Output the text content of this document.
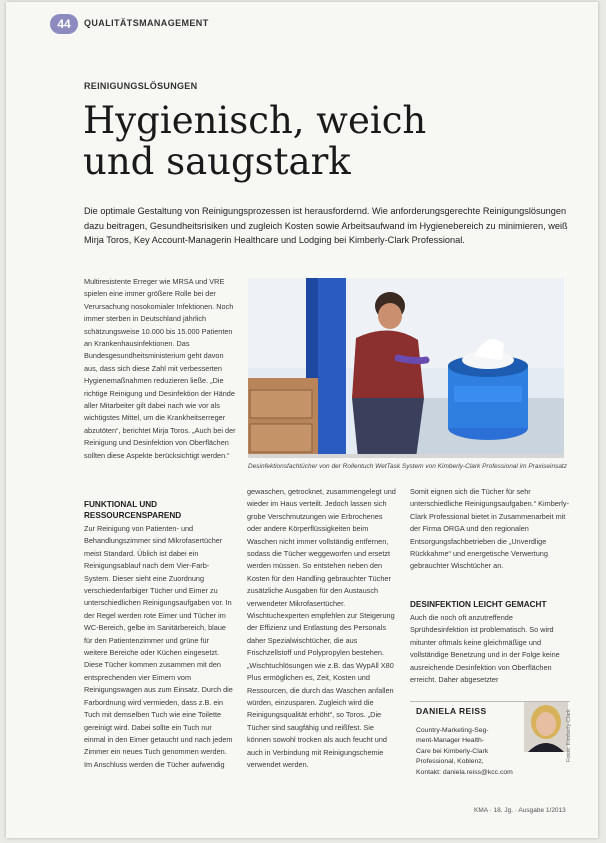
44	QUALITÄTSMANAGEMENT
REINIGUNGSLÖSUNGEN
Hygienisch, weich
und saugstark

Die optimale Gestaltung von Reinigungsprozessen ist herausfordernd. Wie anforderungsgerechte Reinigungslösungen dazu beitragen, Gesundheitsrisiken und zugleich Kosten sowie Arbeitsaufwand im Hygienebereich zu minimieren, weiß Mirja Toros, Key Account-Managerin Healthcare und Lodging bei Kimberly-Clark Professional.

Multiresistente Erreger wie MRSA und VRE spielen eine immer größere Rolle bei der Verursachung nosokomialer Infektionen. Noch immer sterben in Deutschland jährlich schätzungsweise 10.000 bis 15.000 Patienten an Krankenhausinfektionen. Das Bundesgesundheitsministerium geht davon aus, dass sich diese Zahl mit verbesserten Hygienemaßnahmen reduzieren ließe. „Die richtige Reinigung und Desinfektion der Hände aller Mitarbeiter gilt dabei nach wie vor als wichtigstes Mittel, um die Krankheitserreger abzutöten“, berichtet Mirja Toros. „Auch bei der Reinigung und Desinfektion von Oberflächen sollten diese Aspekte berücksichtigt werden.“

FUNKTIONAL UND

RESSOURCENSPAREND
Zur Reinigung von Patienten- und Behandlungszimmer sind Mikrofasertücher meist Standard. Üblich ist dabei ein Reinigungsablauf nach dem Vier-Farb-System. Dieser sieht eine Zuordnung verschiedenfarbiger Tücher und Eimer zu unterschiedlichen Reinigungsaufgaben vor. In der Regel werden rote Eimer und Tücher im WC-Bereich, gelbe im Sanitärbereich, blaue für den Patientenzimmer und grüne für weitere Bereiche oder Küchen eingesetzt. Diese Tücher kommen zusammen mit den entsprechenden vier Eimern vom Reinigungswagen aus zum Einsatz. Durch die Farbordnung wird vermieden, dass z.B. ein Tuch mit demselben Tuch wie eine Toilette gereinigt wird. Dabei sollte ein Tuch nur einmal in den Eimer getaucht und nach jedem Zimmer ein neues Tuch genommen werden. Im Anschluss werden die Tücher aufwendig

Desinfektionsfachtücher von der Rollentuch WetTask System von Kimberly-Clark Professional im Praxiseinsatz

gewaschen, getrocknet, zusammengelegt und wieder im Haus verteilt. Jedoch lassen sich grobe Verschmutzungen wie Erbrochenes oder andere Körperflüssigkeiten beim Waschen nicht immer vollständig entfernen, sodass die Tücher weggeworfen und ersetzt werden müssen. So entstehen neben den Kosten für den Handling gebrauchter Tücher zusätzliche Ausgaben für den Austausch verwendeter Mikrofasertücher. Wischtuchexperten empfehlen zur Steigerung der Effizienz und Entlastung des Personals daher Spezialwischtücher, die aus Frischzellstoff und Polypropylen bestehen. „Wischtuchlösungen wie z.B. das WypAll X80 Plus ermöglichen es, Zeit, Kosten und Ressourcen, die durch das Waschen anfallen würden, einzusparen. Zugleich wird die Reinigungsqualität erhöht“, so Toros. „Die Tücher sind saugfähig und reißfest. Sie können sowohl trocken als auch feucht und auch in Verbindung mit Reinigungschemie verwendet werden.

Somit eignen sich die Tücher für sehr unterschiedliche Reinigungsaufgaben.“ Kimberly-Clark Professional bietet in Zusammenarbeit mit der Firma ORGA und den regionalen Entsorgungsfachbetrieben die „Unverdlige Rückkahme“ und energetische Verwertung gebrauchter Wischtücher an.

DESINFEKTION LEICHT GEMACHT

Auch die noch oft anzutreffende Sprühdesinfektion ist problematisch. So wird mitunter oftmals keine gleichmäßige und vollständige Benetzung und in der Folge keine ausreichende Desinfektion von Oberflächen erreicht. Daher abgesetzter

DANIELA REISS
Country-Marketing-Seg-
ment-Manager Health-
Care bei Kimberly-Clark
Professional, Koblenz,
Kontakt: daniela.reiss@kcc.com
KMA · 18. Jg. · Ausgabe 1/2013
Fotos: Kimberly-Clark
